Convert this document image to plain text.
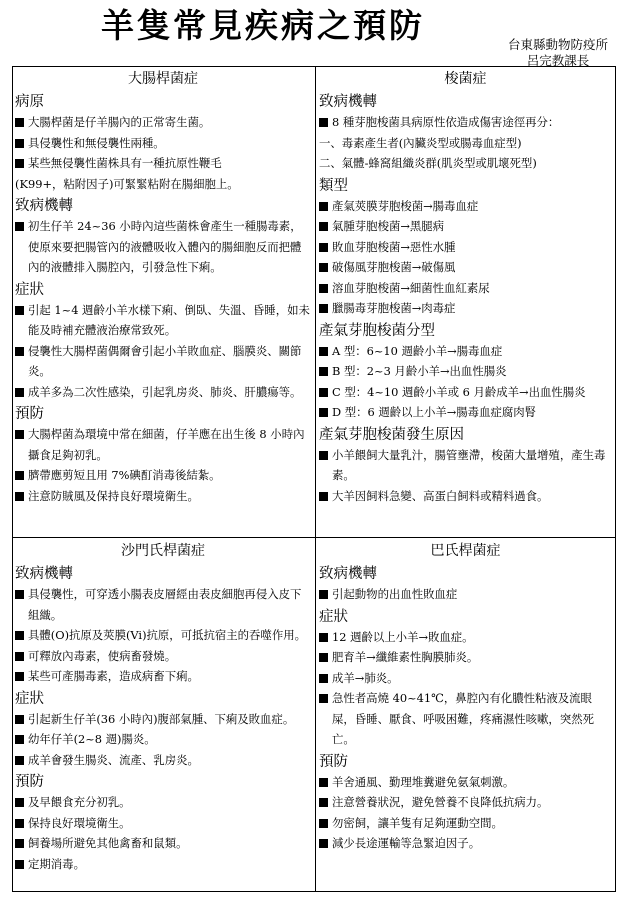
羊隻常見疾病之預防	台東縣動物防疫所
呂完教課長
大腸桿菌症
病原
大腸桿菌是仔羊腸內的正常寄生菌。
具侵襲性和無侵襲性兩種。
某些無侵襲性菌株具有一種抗原性鞭毛
(K99+，粘附因子)可緊緊粘附在腸細胞上。
致病機轉
初生仔羊 24~36 小時內這些菌株會產生一種腸毒素，使原來要把腸管內的液體吸收入體內的腸細胞反而把體內的液體排入腸腔內，引發急性下痢。
症狀
引起 1~4 週齡小羊水樣下痢、倒臥、失溫、昏睡，如未能及時補充體液治療常致死。
侵襲性大腸桿菌偶爾會引起小羊敗血症、腦膜炎、關節炎。
成羊多為二次性感染，引起乳房炎、肺炎、肝膿瘍等。
預防
大腸桿菌為環境中常在細菌，仔羊應在出生後 8 小時內攝食足夠初乳。
臍帶應剪短且用 7%碘酊消毒後結紮。
注意防賊風及保持良好環境衛生。
梭菌症
致病機轉
8 種芽胞梭菌具病原性依造成傷害途徑再分：
一、毒素產生者(內臟炎型或腸毒血症型)
二、氣體-蜂窩組織炎群(肌炎型或肌壞死型)
類型
產氣莢膜芽胞梭菌→腸毒血症
氣腫芽胞梭菌→黑腿病
敗血芽胞梭菌→惡性水腫
破傷風芽胞梭菌→破傷風
溶血芽胞梭菌→細菌性血紅素尿
臘腸毒芽胞梭菌→肉毒症
產氣芽胞梭菌分型
A 型：6~10 週齡小羊→腸毒血症
B 型：2~3 月齡小羊→出血性腸炎
C 型：4~10 週齡小羊或 6 月齡成羊→出血性腸炎
D 型：6 週齡以上小羊→腸毒血症腐肉腎
產氣芽胞梭菌發生原因
小羊餵飼大量乳汁，腸管壅滯，梭菌大量增殖，產生毒素。
大羊因飼料急變、高蛋白飼料或精料過食。
沙門氏桿菌症
致病機轉
具侵襲性，可穿透小腸表皮層經由表皮細胞再侵入皮下組織。
具體(O)抗原及莢膜(Vi)抗原，可抵抗宿主的吞噬作用。
可釋放內毒素，使病畜發燒。
某些可產腸毒素，造成病畜下痢。
症狀
引起新生仔羊(36 小時內)腹部氣腫、下痢及敗血症。
幼年仔羊(2~8 週)腸炎。
成羊會發生腸炎、流產、乳房炎。
預防
及早餵食充分初乳。
保持良好環境衛生。
飼養場所避免其他禽畜和鼠類。
定期消毒。
巴氏桿菌症
致病機轉
引起動物的出血性敗血症
症狀
12 週齡以上小羊→敗血症。
肥育羊→纖維素性胸膜肺炎。
成羊→肺炎。
急性者高燒 40~41℃，鼻腔內有化膿性粘液及流眼屎，昏睡、厭食、呼吸困難，疼痛濕性咳嗽，突然死亡。
預防
羊舍通風、勤理堆糞避免氨氣刺激。
注意營養狀況，避免營養不良降低抗病力。
勿密飼，讓羊隻有足夠運動空間。
減少長途運輸等急緊迫因子。
